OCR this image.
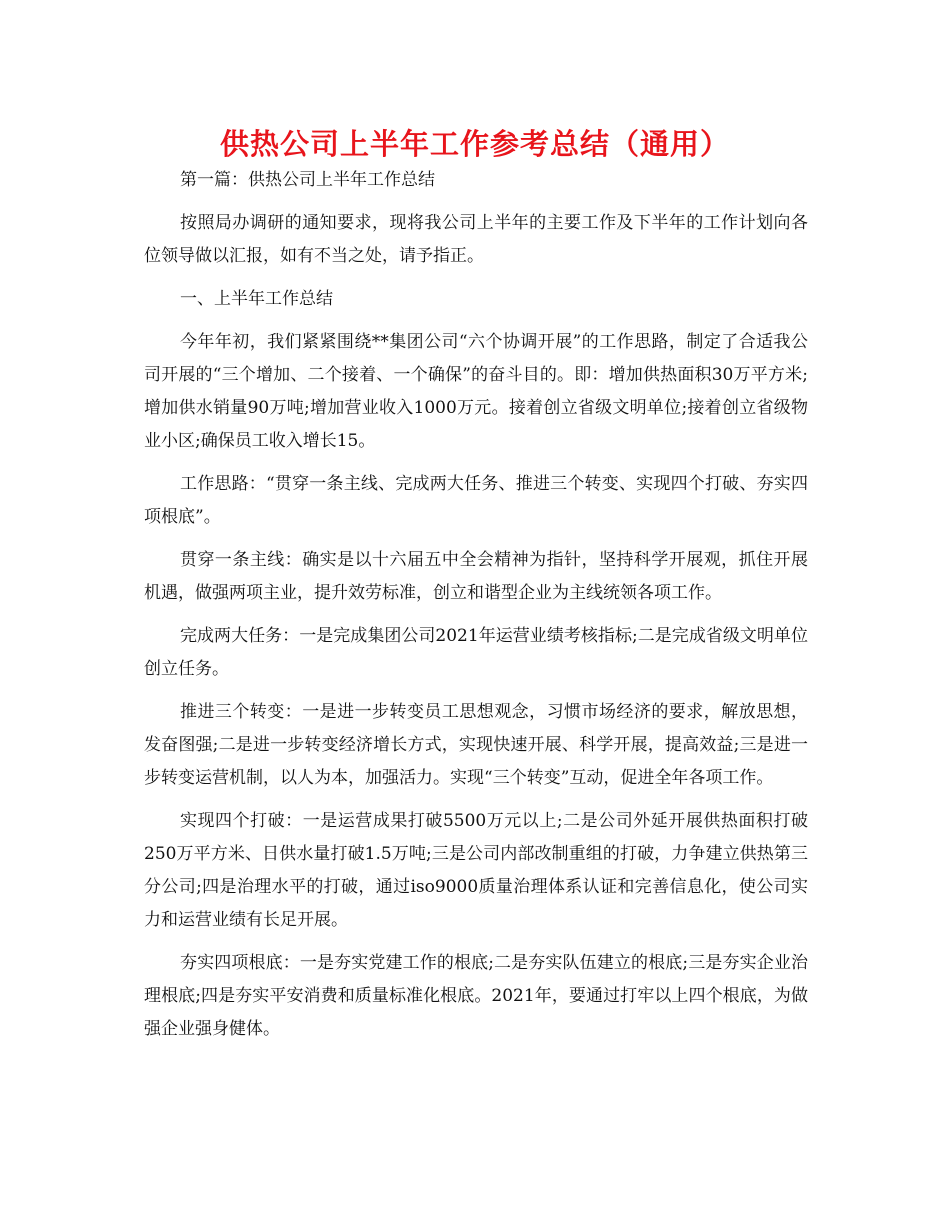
供热公司上半年工作参考总结（通用）

第一篇：供热公司上半年工作总结

按照局办调研的通知要求，现将我公司上半年的主要工作及下半年的工作计划向各位领导做以汇报，如有不当之处，请予指正。

一、上半年工作总结

今年年初，我们紧紧围绕**集团公司“六个协调开展”的工作思路，制定了合适我公司开展的“三个增加、二个接着、一个确保”的奋斗目的。即：增加供热面积30万平方米;增加供水销量90万吨;增加营业收入1000万元。接着创立省级文明单位;接着创立省级物业小区;确保员工收入增长15。

工作思路：“贯穿一条主线、完成两大任务、推进三个转变、实现四个打破、夯实四项根底”。

贯穿一条主线：确实是以十六届五中全会精神为指针，坚持科学开展观，抓住开展机遇，做强两项主业，提升效劳标准，创立和谐型企业为主线统领各项工作。

完成两大任务：一是完成集团公司2021年运营业绩考核指标;二是完成省级文明单位创立任务。

推进三个转变：一是进一步转变员工思想观念，习惯市场经济的要求，解放思想，发奋图强;二是进一步转变经济增长方式，实现快速开展、科学开展，提高效益;三是进一步转变运营机制，以人为本，加强活力。实现“三个转变”互动，促进全年各项工作。

实现四个打破：一是运营成果打破5500万元以上;二是公司外延开展供热面积打破250万平方米、日供水量打破1.5万吨;三是公司内部改制重组的打破，力争建立供热第三分公司;四是治理水平的打破，通过iso9000质量治理体系认证和完善信息化，使公司实力和运营业绩有长足开展。

夯实四项根底：一是夯实党建工作的根底;二是夯实队伍建立的根底;三是夯实企业治理根底;四是夯实平安消费和质量标准化根底。2021年，要通过打牢以上四个根底，为做强企业强身健体。
